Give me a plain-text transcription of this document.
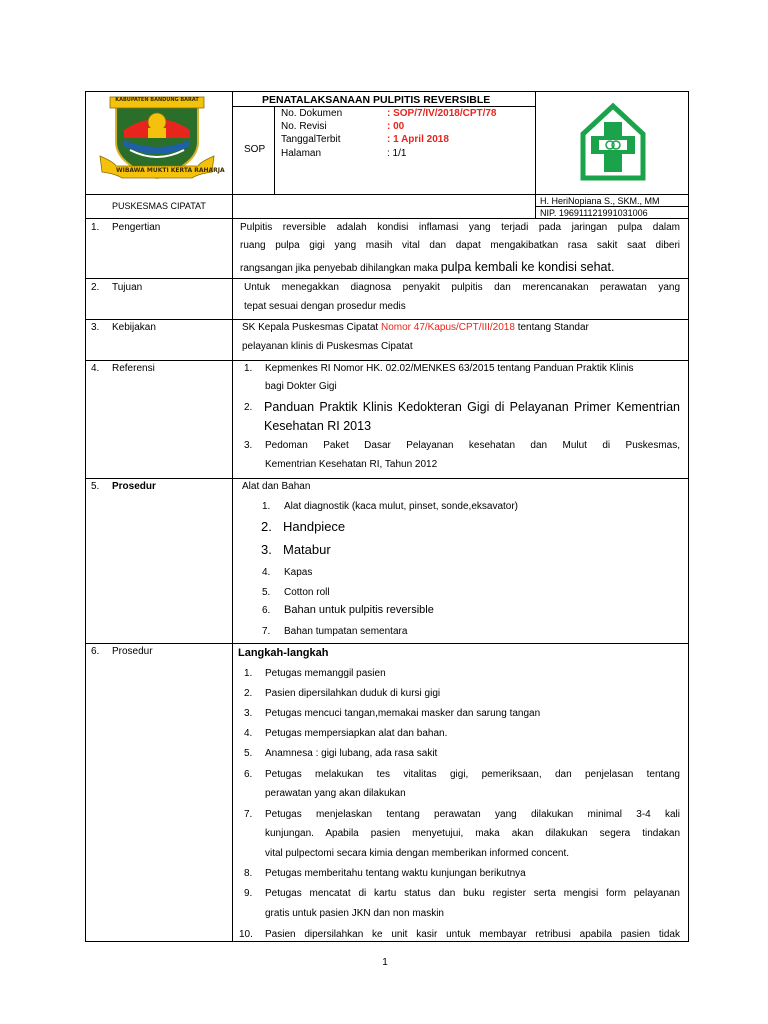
KABUPATEN BANDUNG BARAT
WIBAWA MUKTI KERTA RAHARJA
PENATALAKSANAAN PULPITIS REVERSIBLE
SOP
No. Dokumen	: SOP/7/IV/2018/CPT/78
No. Revisi	: 00
TanggalTerbit	: 1 April 2018
Halaman	: 1/1
PUSKESMAS CIPATAT	H. HeriNopiana S., SKM., MM
NIP. 196911121991031006
1. Pengertian	Pulpitis reversible adalah kondisi inflamasi yang terjadi pada jaringan pulpa dalam
ruang pulpa gigi yang masih vital dan dapat mengakibatkan rasa sakit saat diberi
rangsangan jika penyebab dihilangkan maka pulpa kembali ke kondisi sehat.
2. Tujuan	Untuk menegakkan diagnosa penyakit pulpitis dan merencanakan perawatan yang
tepat sesuai dengan prosedur medis
3. Kebijakan	SK Kepala Puskesmas Cipatat Nomor 47/Kapus/CPT/III/2018 tentang Standar
pelayanan klinis di Puskesmas Cipatat
4. Referensi	1. Kepmenkes RI Nomor HK. 02.02/MENKES 63/2015 tentang Panduan Praktik Klinis
bagi Dokter Gigi
2. Panduan Praktik Klinis Kedokteran Gigi di Pelayanan Primer Kementrian
Kesehatan RI 2013
3. Pedoman Paket Dasar Pelayanan kesehatan dan Mulut di Puskesmas,
Kementrian Kesehatan RI, Tahun 2012
5. Prosedur	Alat dan Bahan
1. Alat diagnostik (kaca mulut, pinset, sonde,eksavator)
2. Handpiece
3. Matabur
4. Kapas
5. Cotton roll
6. Bahan untuk pulpitis reversible
7. Bahan tumpatan sementara
6. Prosedur	Langkah-langkah
1. Petugas memanggil pasien
2. Pasien dipersilahkan duduk di kursi gigi
3. Petugas mencuci tangan,memakai masker dan sarung tangan
4. Petugas mempersiapkan alat dan bahan.
5. Anamnesa : gigi lubang, ada rasa sakit
6. Petugas melakukan tes vitalitas gigi, pemeriksaan, dan penjelasan tentang
perawatan yang akan dilakukan
7. Petugas menjelaskan tentang perawatan yang dilakukan minimal 3-4 kali
kunjungan. Apabila pasien menyetujui, maka akan dilakukan segera tindakan
vital pulpectomi secara kimia dengan memberikan informed concent.
8. Petugas memberitahu tentang waktu kunjungan berikutnya
9. Petugas mencatat di kartu status dan buku register serta mengisi form pelayanan
gratis untuk pasien JKN dan non maskin
10. Pasien dipersilahkan ke unit kasir untuk membayar retribusi apabila pasien tidak
1
